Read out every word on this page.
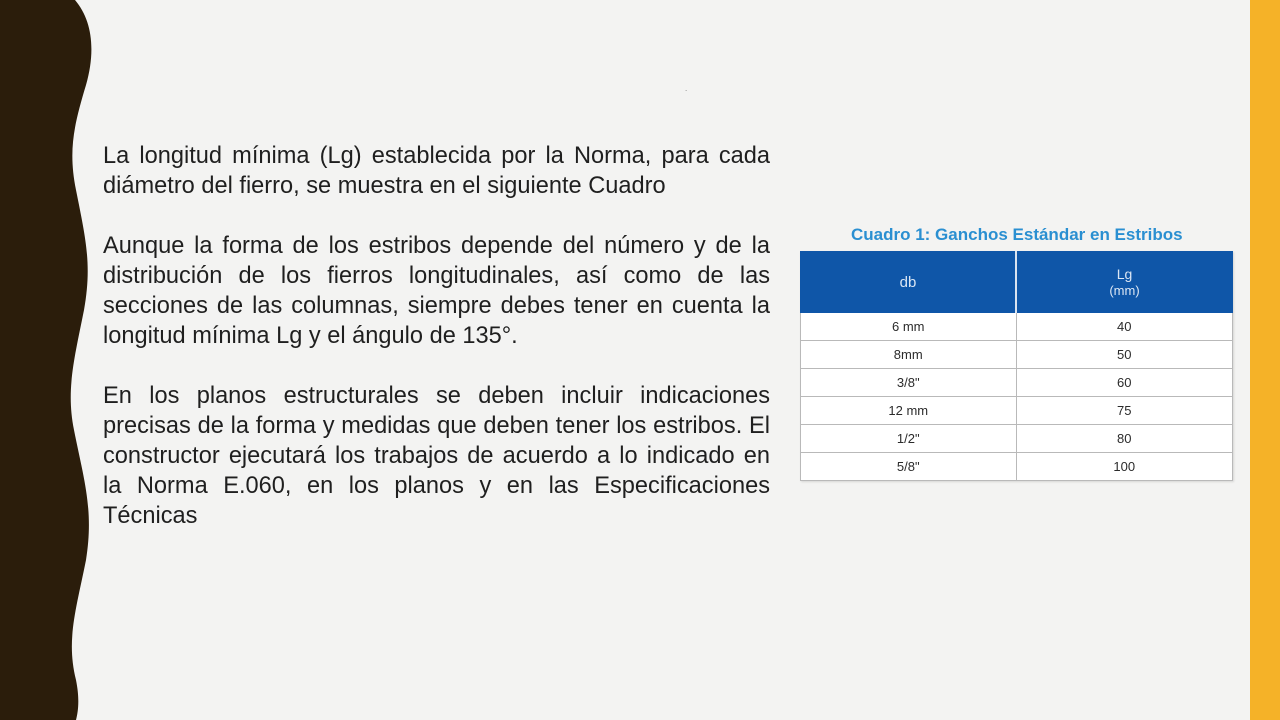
.

La longitud mínima (Lg) establecida por la Norma, para cada diámetro del fierro, se muestra en el siguiente Cuadro

Aunque la forma de los estribos depende del número y de la distribución de los fierros longitudinales, así como de las secciones de las columnas, siempre debes tener en cuenta la longitud mínima Lg y el ángulo de 135°.

En los planos estructurales se deben incluir indicaciones precisas de la forma y medidas que deben tener los estribos. El constructor ejecutará los trabajos de acuerdo a lo indicado en la Norma E.060, en los planos y en las Especificaciones Técnicas

Cuadro 1: Ganchos Estándar en Estribos
db	Lg
(mm)

6 mm	40
8mm	50
3/8"	60
12 mm	75
1/2"	80
5/8"	100
